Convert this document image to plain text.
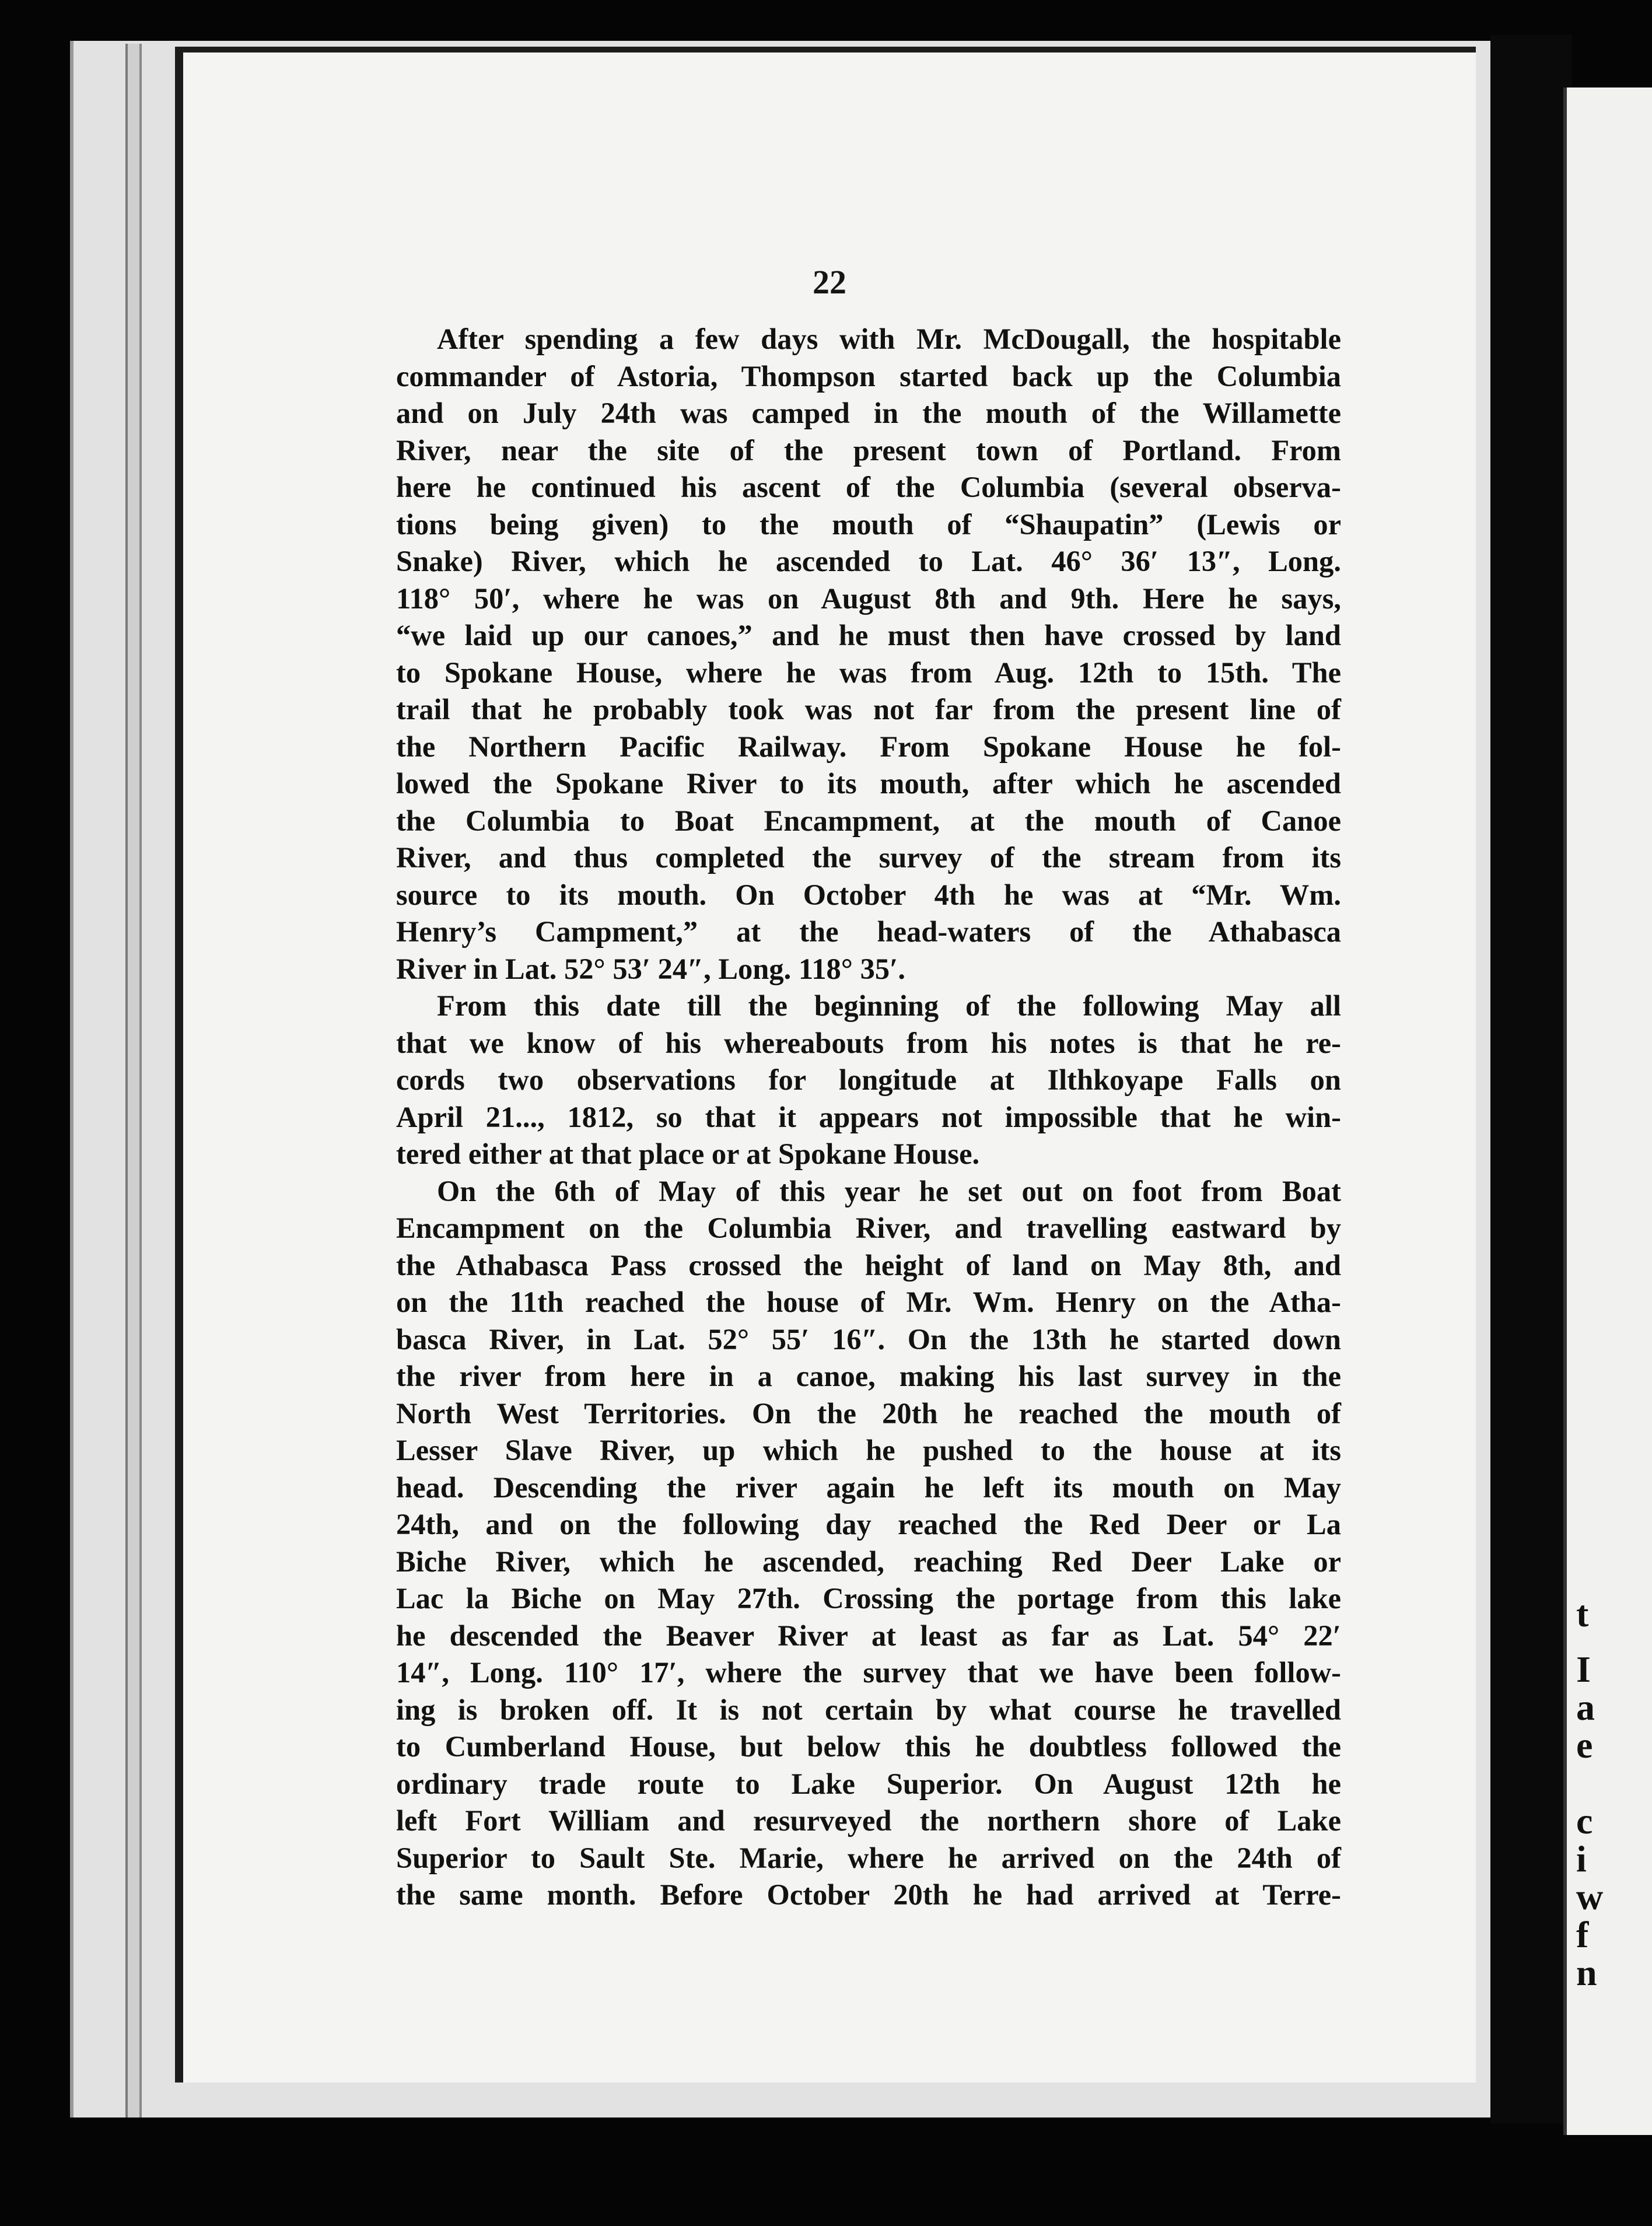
t
I
a
e
c
i
w
f
n
22
After spending a few days with Mr. McDougall, the hospitable
commander of Astoria, Thompson started back up the Columbia
and on July 24th was camped in the mouth of the Willamette
River, near the site of the present town of Portland. From
here he continued his ascent of the Columbia (several observa-
tions being given) to the mouth of “Shaupatin” (Lewis or
Snake) River, which he ascended to Lat. 46° 36′ 13″, Long.
118° 50′, where he was on August 8th and 9th. Here he says,
“we laid up our canoes,” and he must then have crossed by land
to Spokane House, where he was from Aug. 12th to 15th. The
trail that he probably took was not far from the present line of
the Northern Pacific Railway. From Spokane House he fol-
lowed the Spokane River to its mouth, after which he ascended
the Columbia to Boat Encampment, at the mouth of Canoe
River, and thus completed the survey of the stream from its
source to its mouth. On October 4th he was at “Mr. Wm.
Henry’s Campment,” at the head-waters of the Athabasca
River in Lat. 52° 53′ 24″, Long. 118° 35′.
From this date till the beginning of the following May all
that we know of his whereabouts from his notes is that he re-
cords two observations for longitude at Ilthkoyape Falls on
April 21..., 1812, so that it appears not impossible that he win-
tered either at that place or at Spokane House.
On the 6th of May of this year he set out on foot from Boat
Encampment on the Columbia River, and travelling eastward by
the Athabasca Pass crossed the height of land on May 8th, and
on the 11th reached the house of Mr. Wm. Henry on the Atha-
basca River, in Lat. 52° 55′ 16″. On the 13th he started down
the river from here in a canoe, making his last survey in the
North West Territories. On the 20th he reached the mouth of
Lesser Slave River, up which he pushed to the house at its
head. Descending the river again he left its mouth on May
24th, and on the following day reached the Red Deer or La
Biche River, which he ascended, reaching Red Deer Lake or
Lac la Biche on May 27th. Crossing the portage from this lake
he descended the Beaver River at least as far as Lat. 54° 22′
14″, Long. 110° 17′, where the survey that we have been follow-
ing is broken off. It is not certain by what course he travelled
to Cumberland House, but below this he doubtless followed the
ordinary trade route to Lake Superior. On August 12th he
left Fort William and resurveyed the northern shore of Lake
Superior to Sault Ste. Marie, where he arrived on the 24th of
the same month. Before October 20th he had arrived at Terre-
